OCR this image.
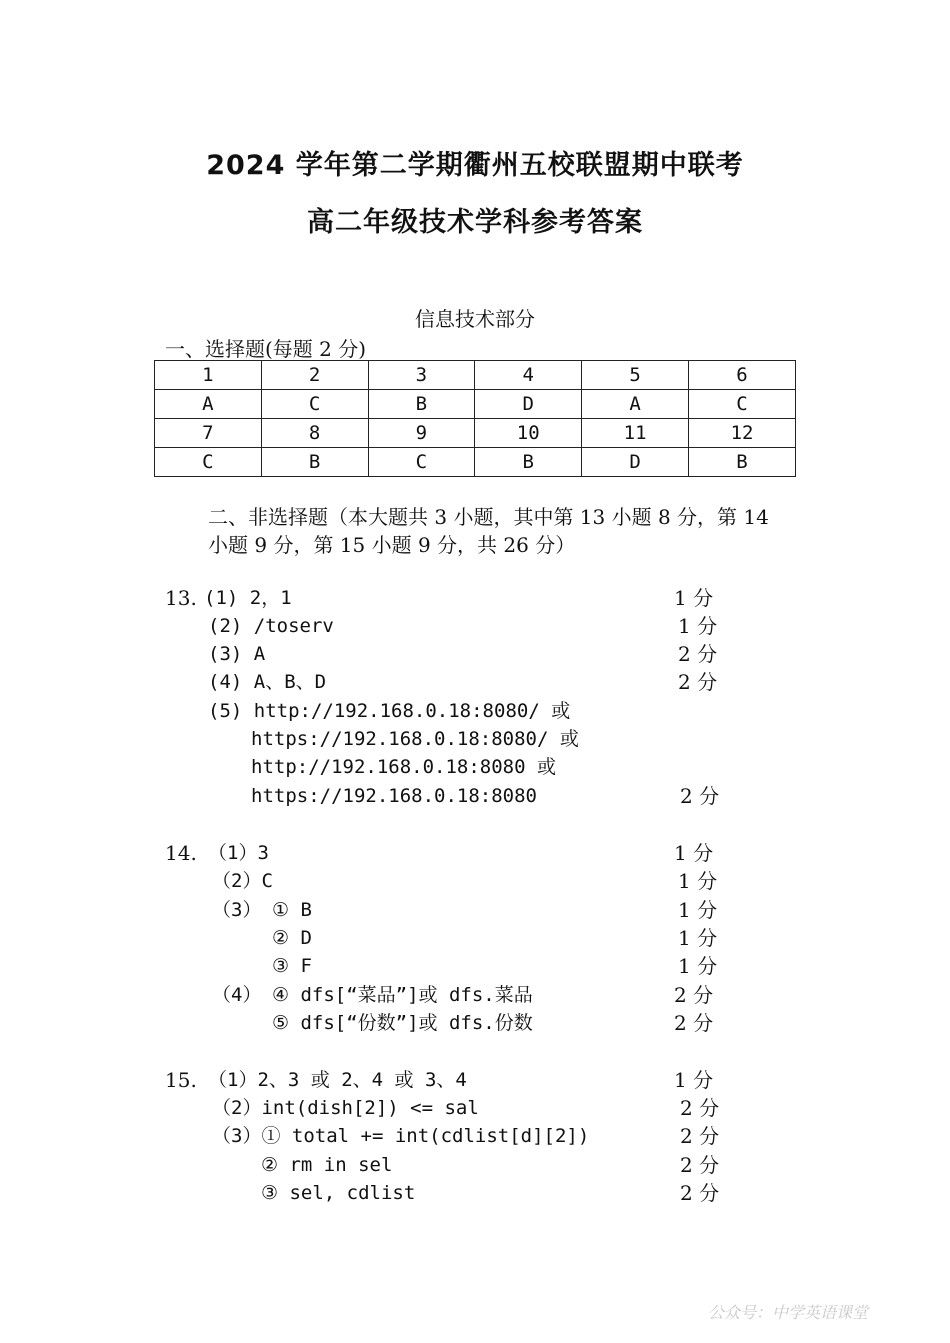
2024 学年第二学期衢州五校联盟期中联考
高二年级技术学科参考答案
信息技术部分
一、选择题(每题 2 分)
1	2	3	4	5	6
A	C	B	D	A	C
7	8	9	10	11	12
C	B	C	B	D	B
二、非选择题（本大题共 3 小题，其中第 13 小题 8 分，第 14
小题 9 分，第 15 小题 9 分，共 26 分）
13. (1) 2，1	1 分
(2) /toserv	1 分
(3) A	2 分
(4) A、B、D	2 分
(5) http://192.168.0.18:8080/ 或
https://192.168.0.18:8080/ 或
http://192.168.0.18:8080 或
https://192.168.0.18:8080	2 分
14. （1）3	1 分
（2）C	1 分
（3） ① B	1 分
② D	1 分
③ F	1 分
（4） ④ dfs[“菜品”]或 dfs.菜品	2 分
⑤ dfs[“份数”]或 dfs.份数	2 分
15. （1）2、3 或 2、4 或 3、4	1 分
（2）int(dish[2]) <= sal	2 分
（3）① total += int(cdlist[d][2])	2 分
② rm in sel	2 分
③ sel, cdlist	2 分
公众号：中学英语课堂
